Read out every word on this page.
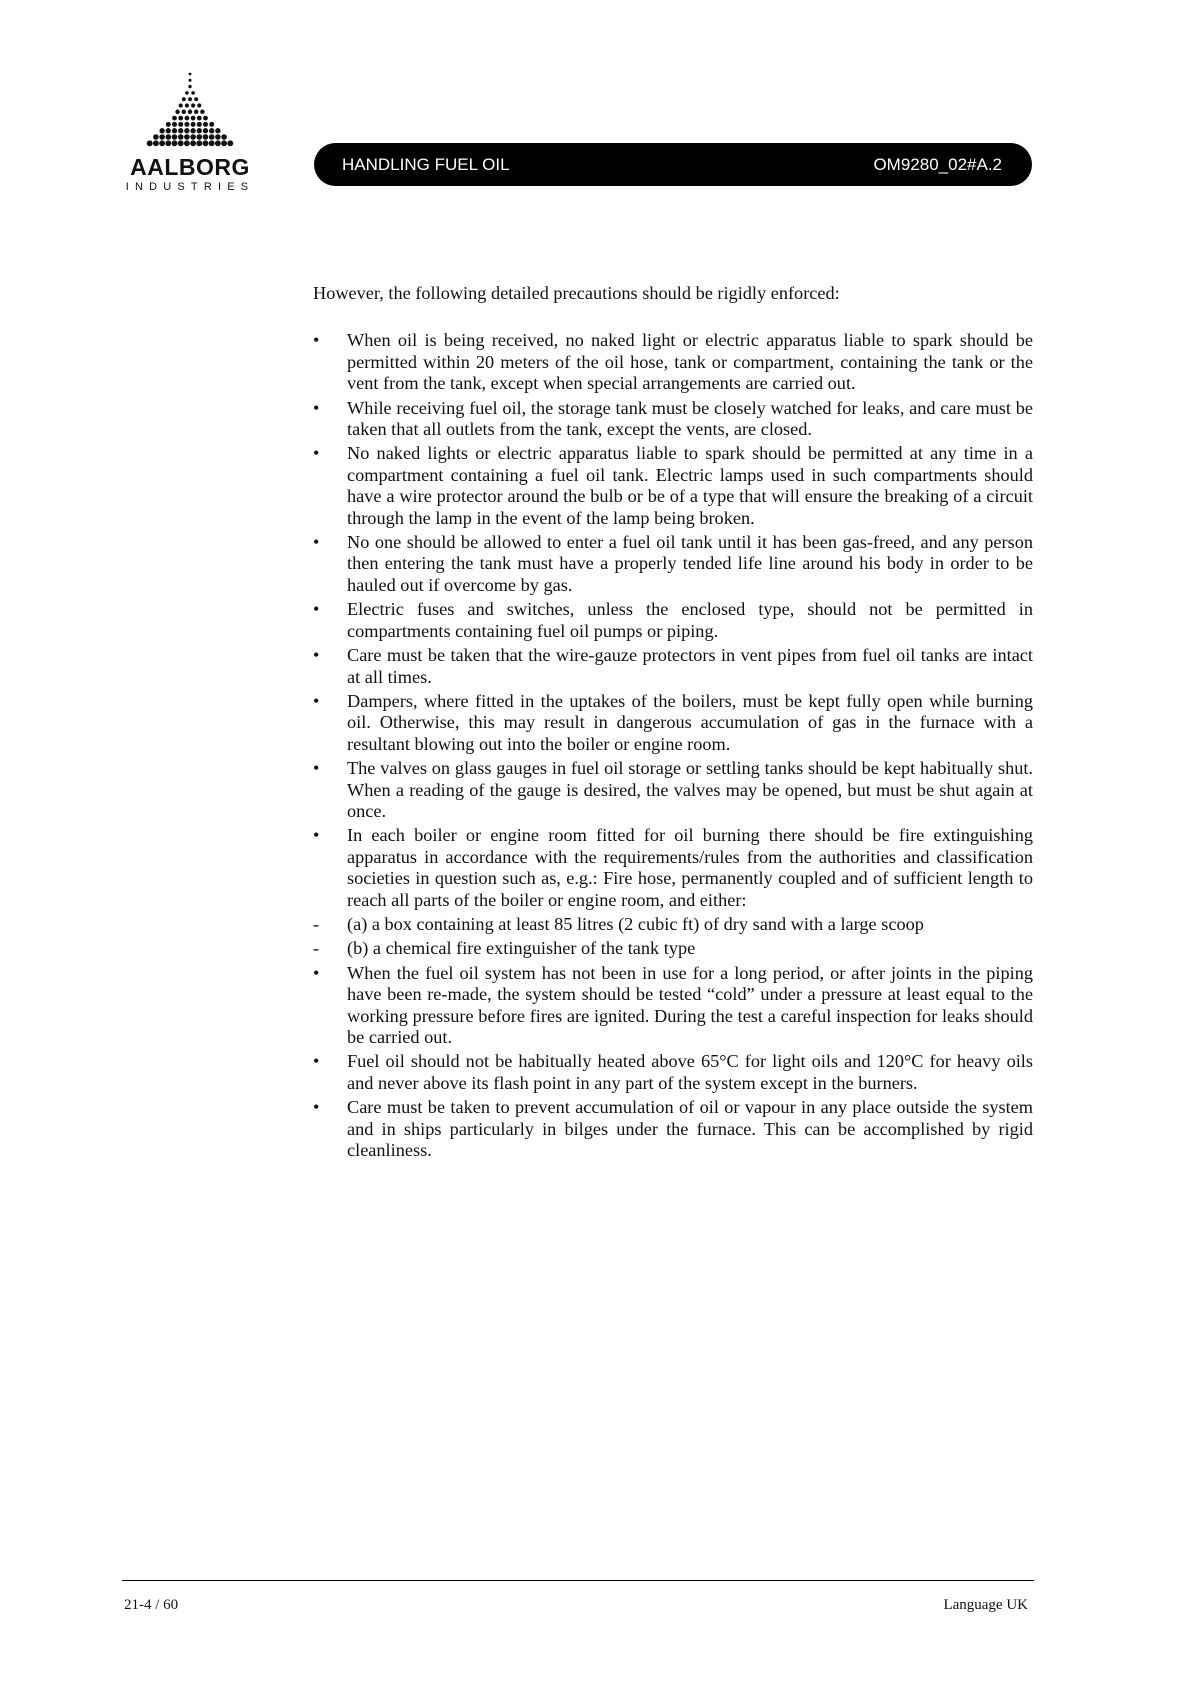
AALBORG
INDUSTRIES
HANDLING FUEL OIL	OM9280_02#A.2

However, the following detailed precautions should be rigidly enforced:

•	When oil is being received, no naked light or electric apparatus liable to spark should be permitted within 20 meters of the oil hose, tank or compartment, containing the tank or the vent from the tank, except when special arrangements are carried out.
•	While receiving fuel oil, the storage tank must be closely watched for leaks, and care must be taken that all outlets from the tank, except the vents, are closed.
•	No naked lights or electric apparatus liable to spark should be permitted at any time in a compartment containing a fuel oil tank. Electric lamps used in such compartments should have a wire protector around the bulb or be of a type that will ensure the breaking of a circuit through the lamp in the event of the lamp being broken.
•	No one should be allowed to enter a fuel oil tank until it has been gas-freed, and any person then entering the tank must have a properly tended life line around his body in order to be hauled out if overcome by gas.
•	Electric fuses and switches, unless the enclosed type, should not be permitted in compartments containing fuel oil pumps or piping.
•	Care must be taken that the wire-gauze protectors in vent pipes from fuel oil tanks are intact at all times.
•	Dampers, where fitted in the uptakes of the boilers, must be kept fully open while burning oil. Otherwise, this may result in dangerous accumulation of gas in the furnace with a resultant blowing out into the boiler or engine room.
•	The valves on glass gauges in fuel oil storage or settling tanks should be kept habitually shut. When a reading of the gauge is desired, the valves may be opened, but must be shut again at once.
•	In each boiler or engine room fitted for oil burning there should be fire extinguishing apparatus in accordance with the requirements/rules from the authorities and classification societies in question such as, e.g.: Fire hose, permanently coupled and of sufficient length to reach all parts of the boiler or engine room, and either:
-	(a) a box containing at least 85 litres (2 cubic ft) of dry sand with a large scoop
-	(b) a chemical fire extinguisher of the tank type
•	When the fuel oil system has not been in use for a long period, or after joints in the piping have been re-made, the system should be tested “cold” under a pressure at least equal to the working pressure before fires are ignited. During the test a careful inspection for leaks should be carried out.
•	Fuel oil should not be habitually heated above 65°C for light oils and 120°C for heavy oils and never above its flash point in any part of the system except in the burners.
•	Care must be taken to prevent accumulation of oil or vapour in any place outside the system and in ships particularly in bilges under the furnace. This can be accomplished by rigid cleanliness.
21-4 / 60	Language UK
